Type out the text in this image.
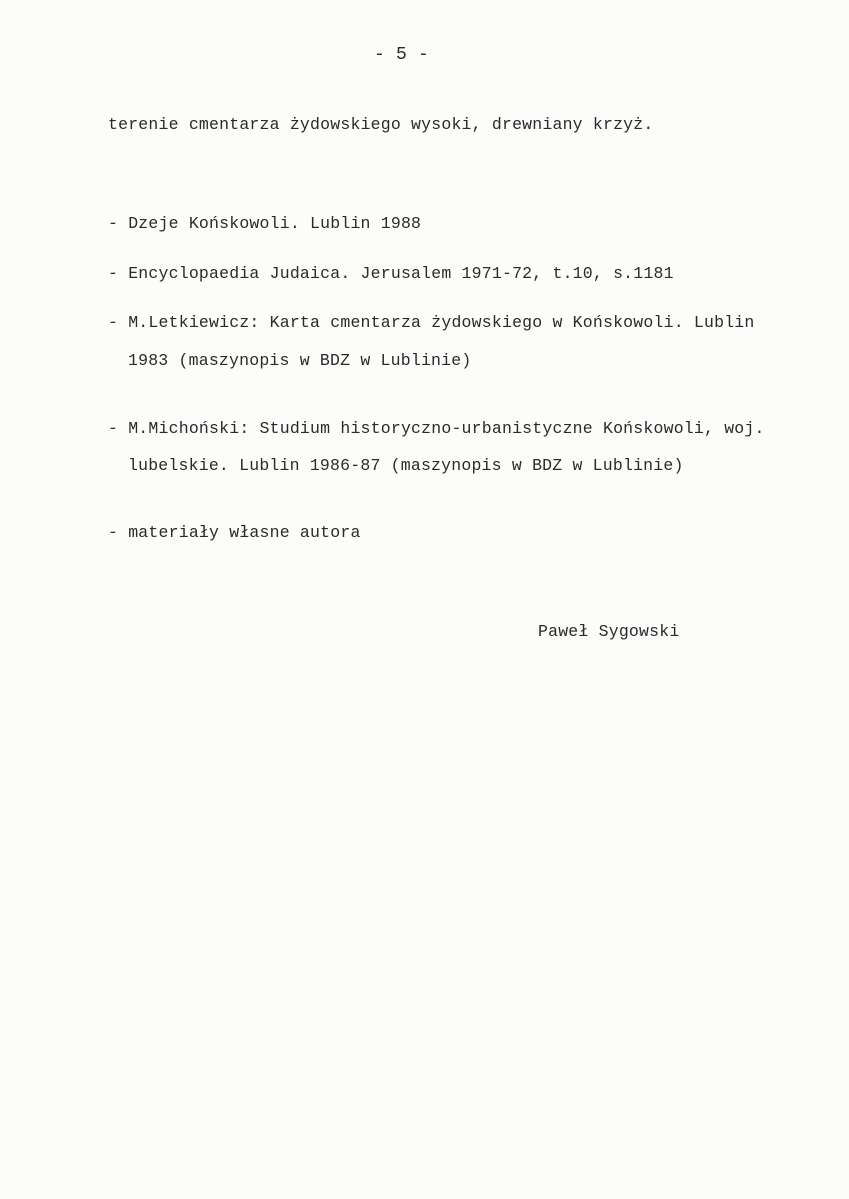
- 5 -
terenie cmentarza żydowskiego wysoki, drewniany krzyż.
- Dzeje Końskowoli. Lublin 1988
- Encyclopaedia Judaica. Jerusalem 1971-72, t.10, s.1181
- M.Letkiewicz: Karta cmentarza żydowskiego w Końskowoli. Lublin
1983 (maszynopis w BDZ w Lublinie)
- M.Michoński: Studium historyczno-urbanistyczne Końskowoli, woj.
lubelskie. Lublin 1986-87 (maszynopis w BDZ w Lublinie)
- materiały własne autora
Paweł Sygowski
